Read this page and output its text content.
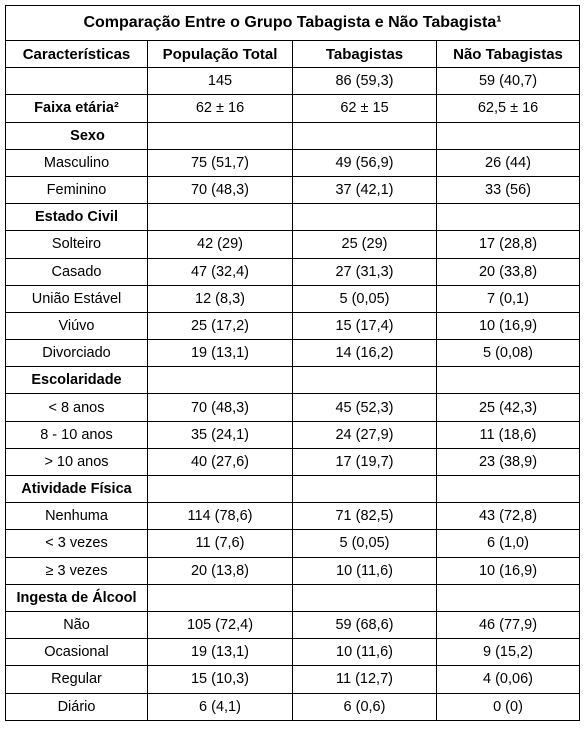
Comparação Entre o Grupo Tabagista e Não Tabagista¹			
Características	População Total	Tabagistas	Não Tabagistas
	145	86 (59,3)	59 (40,7)
Faixa etária²	62 ± 16	62 ± 15	62,5 ± 16
Sexo			
Masculino	75 (51,7)	49 (56,9)	26 (44)
Feminino	70 (48,3)	37 (42,1)	33 (56)
Estado Civil			
Solteiro	42 (29)	25 (29)	17 (28,8)
Casado	47 (32,4)	27 (31,3)	20 (33,8)
União Estável	12 (8,3)	5 (0,05)	7 (0,1)
Viúvo	25 (17,2)	15 (17,4)	10 (16,9)
Divorciado	19 (13,1)	14 (16,2)	5 (0,08)
Escolaridade			
< 8 anos	70 (48,3)	45 (52,3)	25 (42,3)
8 - 10 anos	35 (24,1)	24 (27,9)	11 (18,6)
> 10 anos	40 (27,6)	17 (19,7)	23 (38,9)
Atividade Física			
Nenhuma	114 (78,6)	71 (82,5)	43 (72,8)
< 3 vezes	11 (7,6)	5 (0,05)	6 (1,0)
≥ 3 vezes	20 (13,8)	10 (11,6)	10 (16,9)
Ingesta de Álcool			
Não	105 (72,4)	59 (68,6)	46 (77,9)
Ocasional	19 (13,1)	10 (11,6)	9 (15,2)
Regular	15 (10,3)	11 (12,7)	4 (0,06)
Diário	6 (4,1)	6 (0,6)	0 (0)
